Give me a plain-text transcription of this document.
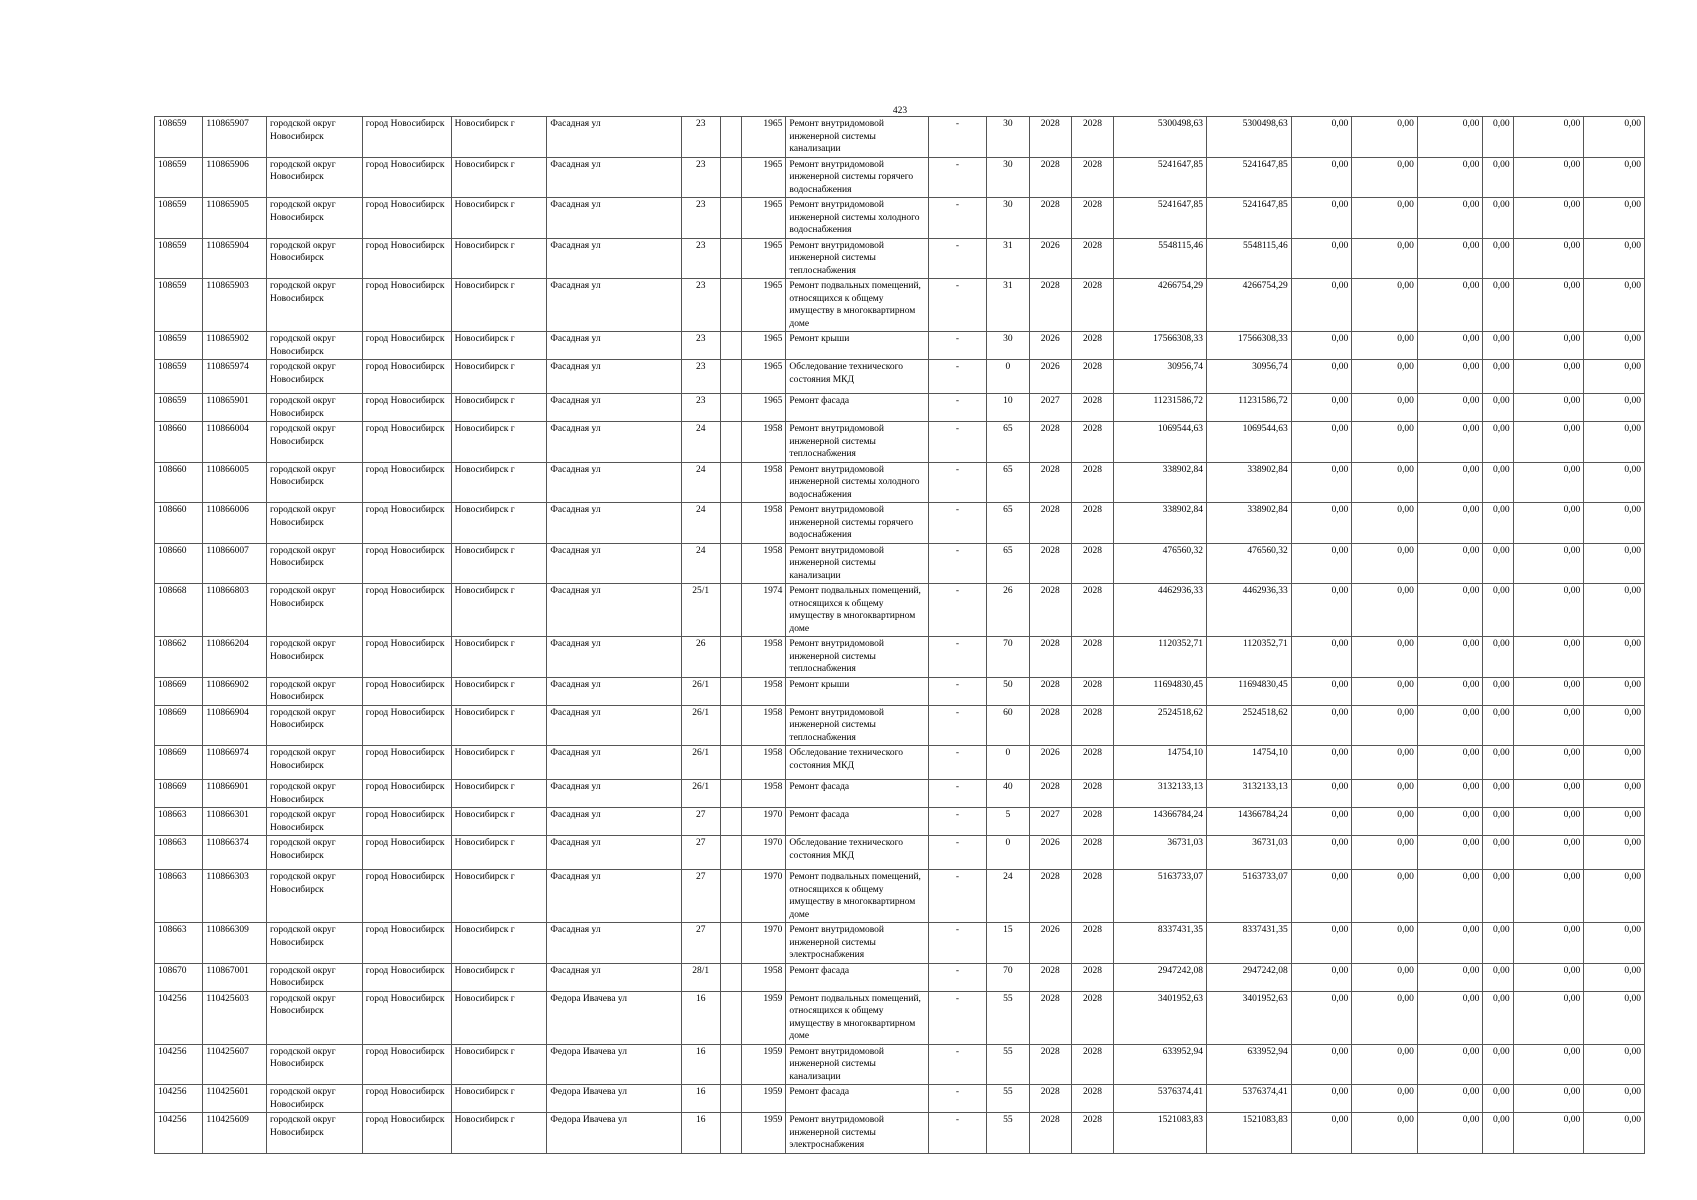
423
108659	110865907	городской округ Новосибирск	город Новосибирск	Новосибирск г	Фасадная ул	23		1965	Ремонт внутридомовой инженерной системы канализации	-	30	2028	2028	5300498,63	5300498,63	0,00	0,00	0,00	0,00	0,00	0,00
108659	110865906	городской округ Новосибирск	город Новосибирск	Новосибирск г	Фасадная ул	23		1965	Ремонт внутридомовой инженерной системы горячего водоснабжения	-	30	2028	2028	5241647,85	5241647,85	0,00	0,00	0,00	0,00	0,00	0,00
108659	110865905	городской округ Новосибирск	город Новосибирск	Новосибирск г	Фасадная ул	23		1965	Ремонт внутридомовой инженерной системы холодного водоснабжения	-	30	2028	2028	5241647,85	5241647,85	0,00	0,00	0,00	0,00	0,00	0,00
108659	110865904	городской округ Новосибирск	город Новосибирск	Новосибирск г	Фасадная ул	23		1965	Ремонт внутридомовой инженерной системы теплоснабжения	-	31	2026	2028	5548115,46	5548115,46	0,00	0,00	0,00	0,00	0,00	0,00
108659	110865903	городской округ Новосибирск	город Новосибирск	Новосибирск г	Фасадная ул	23		1965	Ремонт подвальных помещений, относящихся к общему имуществу в многоквартирном доме	-	31	2028	2028	4266754,29	4266754,29	0,00	0,00	0,00	0,00	0,00	0,00
108659	110865902	городской округ Новосибирск	город Новосибирск	Новосибирск г	Фасадная ул	23		1965	Ремонт крыши	-	30	2026	2028	17566308,33	17566308,33	0,00	0,00	0,00	0,00	0,00	0,00
108659	110865974	городской округ Новосибирск	город Новосибирск	Новосибирск г	Фасадная ул	23		1965	Обследование технического состояния МКД	-	0	2026	2028	30956,74	30956,74	0,00	0,00	0,00	0,00	0,00	0,00
108659	110865901	городской округ Новосибирск	город Новосибирск	Новосибирск г	Фасадная ул	23		1965	Ремонт фасада	-	10	2027	2028	11231586,72	11231586,72	0,00	0,00	0,00	0,00	0,00	0,00
108660	110866004	городской округ Новосибирск	город Новосибирск	Новосибирск г	Фасадная ул	24		1958	Ремонт внутридомовой инженерной системы теплоснабжения	-	65	2028	2028	1069544,63	1069544,63	0,00	0,00	0,00	0,00	0,00	0,00
108660	110866005	городской округ Новосибирск	город Новосибирск	Новосибирск г	Фасадная ул	24		1958	Ремонт внутридомовой инженерной системы холодного водоснабжения	-	65	2028	2028	338902,84	338902,84	0,00	0,00	0,00	0,00	0,00	0,00
108660	110866006	городской округ Новосибирск	город Новосибирск	Новосибирск г	Фасадная ул	24		1958	Ремонт внутридомовой инженерной системы горячего водоснабжения	-	65	2028	2028	338902,84	338902,84	0,00	0,00	0,00	0,00	0,00	0,00
108660	110866007	городской округ Новосибирск	город Новосибирск	Новосибирск г	Фасадная ул	24		1958	Ремонт внутридомовой инженерной системы канализации	-	65	2028	2028	476560,32	476560,32	0,00	0,00	0,00	0,00	0,00	0,00
108668	110866803	городской округ Новосибирск	город Новосибирск	Новосибирск г	Фасадная ул	25/1		1974	Ремонт подвальных помещений, относящихся к общему имуществу в многоквартирном доме	-	26	2028	2028	4462936,33	4462936,33	0,00	0,00	0,00	0,00	0,00	0,00
108662	110866204	городской округ Новосибирск	город Новосибирск	Новосибирск г	Фасадная ул	26		1958	Ремонт внутридомовой инженерной системы теплоснабжения	-	70	2028	2028	1120352,71	1120352,71	0,00	0,00	0,00	0,00	0,00	0,00
108669	110866902	городской округ Новосибирск	город Новосибирск	Новосибирск г	Фасадная ул	26/1		1958	Ремонт крыши	-	50	2028	2028	11694830,45	11694830,45	0,00	0,00	0,00	0,00	0,00	0,00
108669	110866904	городской округ Новосибирск	город Новосибирск	Новосибирск г	Фасадная ул	26/1		1958	Ремонт внутридомовой инженерной системы теплоснабжения	-	60	2028	2028	2524518,62	2524518,62	0,00	0,00	0,00	0,00	0,00	0,00
108669	110866974	городской округ Новосибирск	город Новосибирск	Новосибирск г	Фасадная ул	26/1		1958	Обследование технического состояния МКД	-	0	2026	2028	14754,10	14754,10	0,00	0,00	0,00	0,00	0,00	0,00
108669	110866901	городской округ Новосибирск	город Новосибирск	Новосибирск г	Фасадная ул	26/1		1958	Ремонт фасада	-	40	2028	2028	3132133,13	3132133,13	0,00	0,00	0,00	0,00	0,00	0,00
108663	110866301	городской округ Новосибирск	город Новосибирск	Новосибирск г	Фасадная ул	27		1970	Ремонт фасада	-	5	2027	2028	14366784,24	14366784,24	0,00	0,00	0,00	0,00	0,00	0,00
108663	110866374	городской округ Новосибирск	город Новосибирск	Новосибирск г	Фасадная ул	27		1970	Обследование технического состояния МКД	-	0	2026	2028	36731,03	36731,03	0,00	0,00	0,00	0,00	0,00	0,00
108663	110866303	городской округ Новосибирск	город Новосибирск	Новосибирск г	Фасадная ул	27		1970	Ремонт подвальных помещений, относящихся к общему имуществу в многоквартирном доме	-	24	2028	2028	5163733,07	5163733,07	0,00	0,00	0,00	0,00	0,00	0,00
108663	110866309	городской округ Новосибирск	город Новосибирск	Новосибирск г	Фасадная ул	27		1970	Ремонт внутридомовой инженерной системы электроснабжения	-	15	2026	2028	8337431,35	8337431,35	0,00	0,00	0,00	0,00	0,00	0,00
108670	110867001	городской округ Новосибирск	город Новосибирск	Новосибирск г	Фасадная ул	28/1		1958	Ремонт фасада	-	70	2028	2028	2947242,08	2947242,08	0,00	0,00	0,00	0,00	0,00	0,00
104256	110425603	городской округ Новосибирск	город Новосибирск	Новосибирск г	Федора Ивачева ул	16		1959	Ремонт подвальных помещений, относящихся к общему имуществу в многоквартирном доме	-	55	2028	2028	3401952,63	3401952,63	0,00	0,00	0,00	0,00	0,00	0,00
104256	110425607	городской округ Новосибирск	город Новосибирск	Новосибирск г	Федора Ивачева ул	16		1959	Ремонт внутридомовой инженерной системы канализации	-	55	2028	2028	633952,94	633952,94	0,00	0,00	0,00	0,00	0,00	0,00
104256	110425601	городской округ Новосибирск	город Новосибирск	Новосибирск г	Федора Ивачева ул	16		1959	Ремонт фасада	-	55	2028	2028	5376374,41	5376374,41	0,00	0,00	0,00	0,00	0,00	0,00
104256	110425609	городской округ Новосибирск	город Новосибирск	Новосибирск г	Федора Ивачева ул	16		1959	Ремонт внутридомовой инженерной системы электроснабжения	-	55	2028	2028	1521083,83	1521083,83	0,00	0,00	0,00	0,00	0,00	0,00
